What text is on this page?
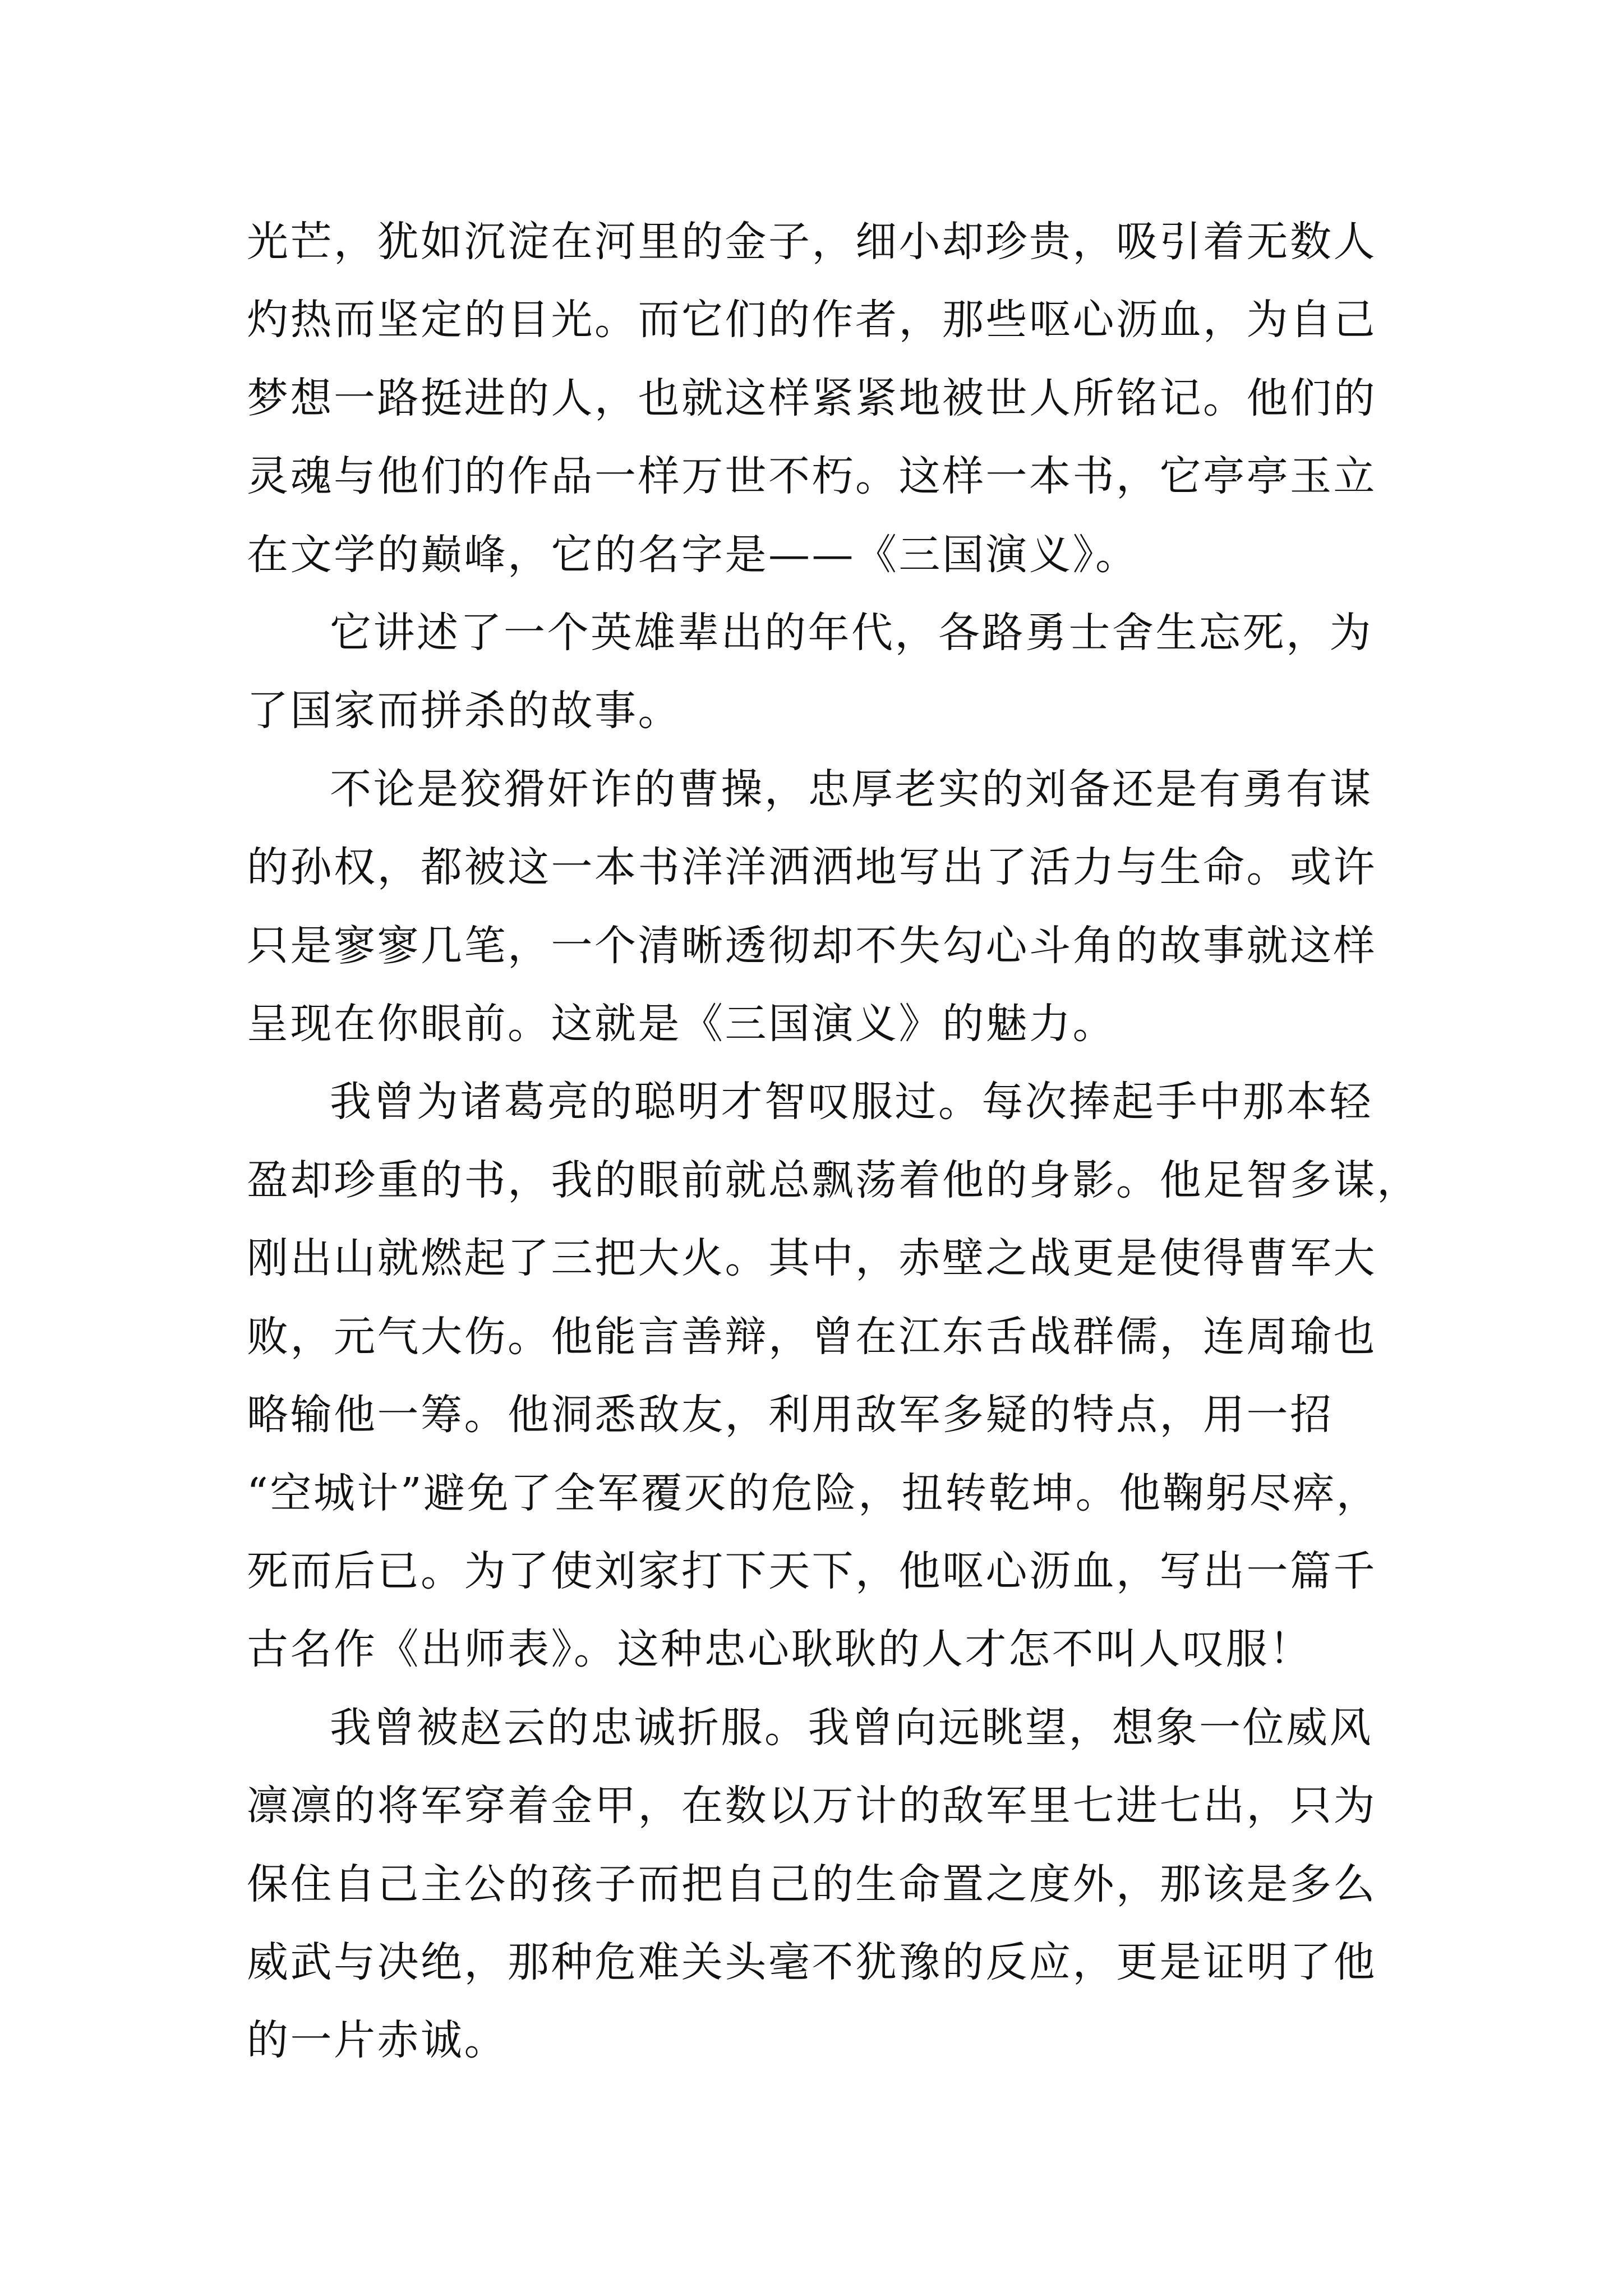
光芒，犹如沉淀在河里的金子，细小却珍贵，吸引着无数人
灼热而坚定的目光。而它们的作者，那些呕心沥血，为自己
梦想一路挺进的人，也就这样紧紧地被世人所铭记。他们的
灵魂与他们的作品一样万世不朽。这样一本书，它亭亭玉立
在文学的巅峰，它的名字是——《三国演义》。

它讲述了一个英雄辈出的年代，各路勇士舍生忘死，为
了国家而拼杀的故事。

不论是狡猾奸诈的曹操，忠厚老实的刘备还是有勇有谋
的孙权，都被这一本书洋洋洒洒地写出了活力与生命。或许
只是寥寥几笔，一个清晰透彻却不失勾心斗角的故事就这样
呈现在你眼前。这就是《三国演义》的魅力。

我曾为诸葛亮的聪明才智叹服过。每次捧起手中那本轻
盈却珍重的书，我的眼前就总飘荡着他的身影。他足智多谋，
刚出山就燃起了三把大火。其中，赤壁之战更是使得曹军大
败，元气大伤。他能言善辩，曾在江东舌战群儒，连周瑜也
略输他一筹。他洞悉敌友，利用敌军多疑的特点，用一招
“空城计”避免了全军覆灭的危险，扭转乾坤。他鞠躬尽瘁，
死而后已。为了使刘家打下天下，他呕心沥血，写出一篇千
古名作《出师表》。这种忠心耿耿的人才怎不叫人叹服！

我曾被赵云的忠诚折服。我曾向远眺望，想象一位威风
凛凛的将军穿着金甲，在数以万计的敌军里七进七出，只为
保住自己主公的孩子而把自己的生命置之度外，那该是多么
威武与决绝，那种危难关头毫不犹豫的反应，更是证明了他
的一片赤诚。
